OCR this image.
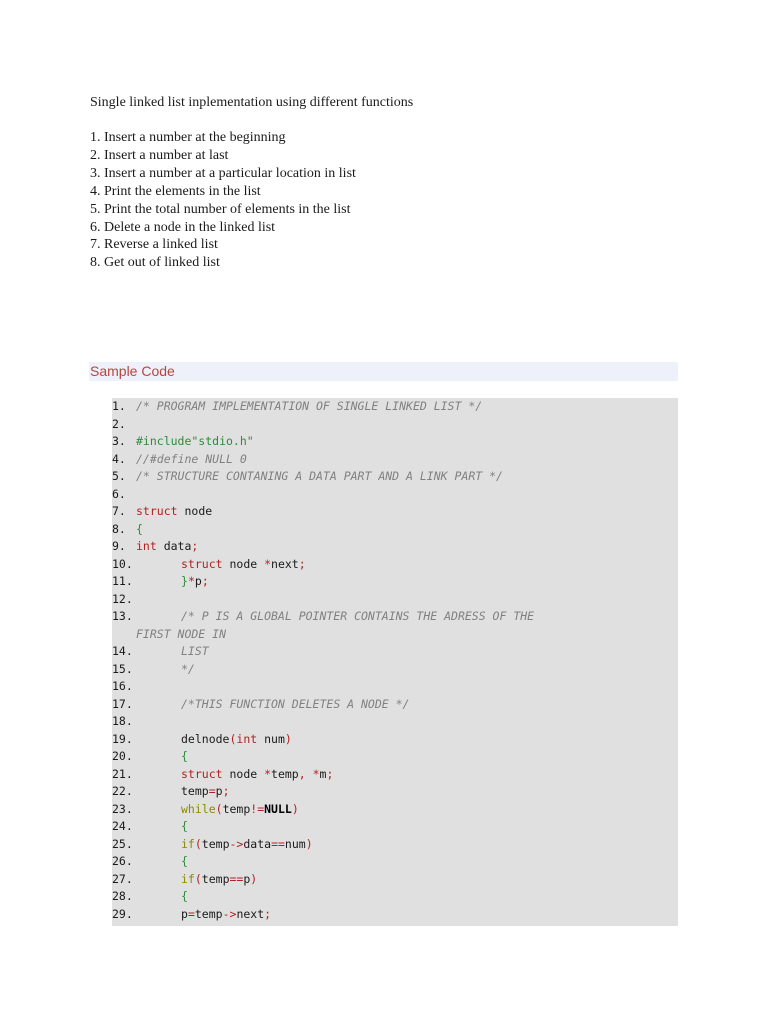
Single linked list inplementation using different functions
1. Insert a number at the beginning
2. Insert a number at last
3. Insert a number at a particular location in list
4. Print the elements in the list
5. Print the total number of elements in the list
6. Delete a node in the linked list
7. Reverse a linked list
8. Get out of linked list
Sample Code
1. /* PROGRAM IMPLEMENTATION OF SINGLE LINKED LIST */
2.
3. #include"stdio.h"
4. //#define NULL 0
5. /* STRUCTURE CONTANING A DATA PART AND A LINK PART */
6.
7. struct node
8. {
9. int data;
10.	struct node *next;
11.	}*p;
12.
13.	/* P IS A GLOBAL POINTER CONTAINS THE ADRESS OF THE
FIRST NODE IN
14.	LIST
15.	*/
16.
17.	/*THIS FUNCTION DELETES A NODE */
18.
19.	delnode(int num)
20.	{
21.	struct node *temp, *m;
22.	temp=p;
23.	while(temp!=NULL)
24.	{
25.	if(temp->data==num)
26.	{
27.	if(temp==p)
28.	{
29.	p=temp->next;
